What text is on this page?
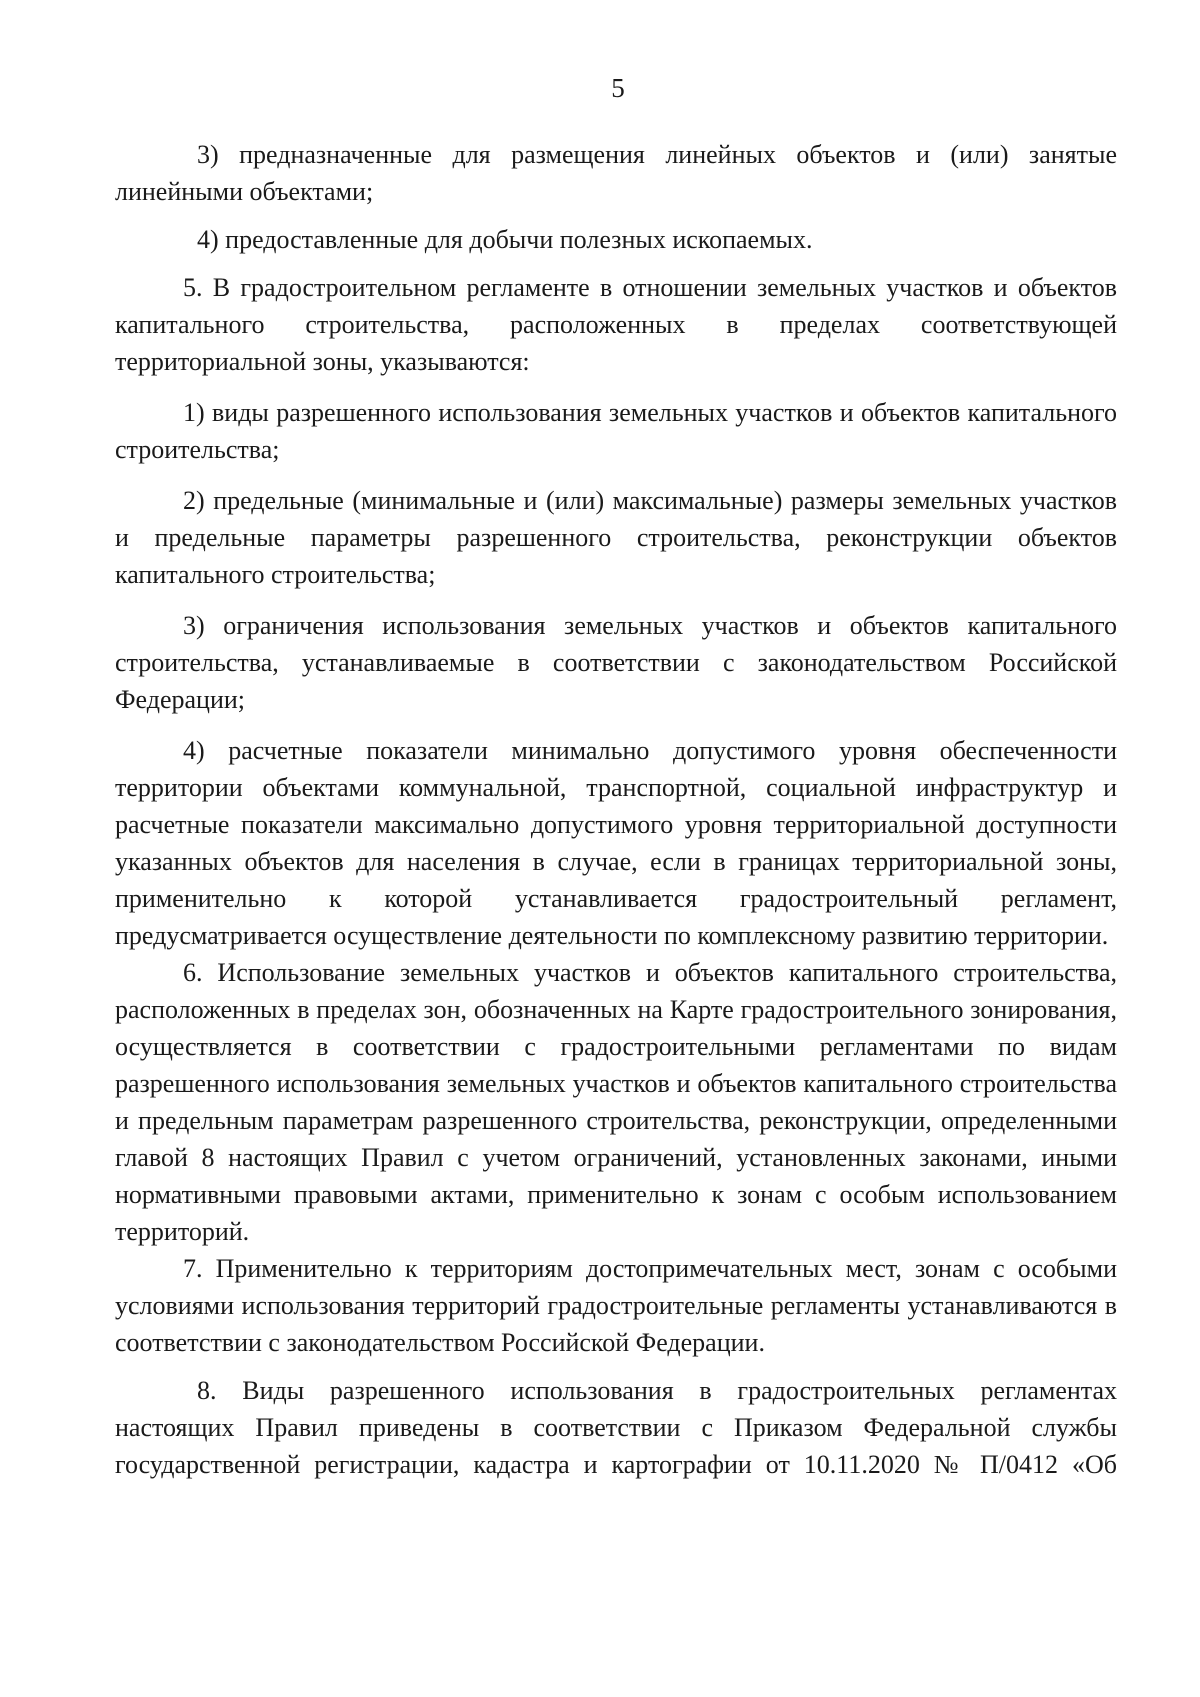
5

3) предназначенные для размещения линейных объектов и (или) занятые линейными объектами;

4) предоставленные для добычи полезных ископаемых.

5. В градостроительном регламенте в отношении земельных участков и объектов капитального строительства, расположенных в пределах соответствующей территориальной зоны, указываются:

1) виды разрешенного использования земельных участков и объектов капитального строительства;

2) предельные (минимальные и (или) максимальные) размеры земельных участков и предельные параметры разрешенного строительства, реконструкции объектов капитального строительства;

3) ограничения использования земельных участков и объектов капитального строительства, устанавливаемые в соответствии с законодательством Российской Федерации;

4) расчетные показатели минимально допустимого уровня обеспеченности территории объектами коммунальной, транспортной, социальной инфраструктур и расчетные показатели максимально допустимого уровня территориальной доступности указанных объектов для населения в случае, если в границах территориальной зоны, применительно к которой устанавливается градостроительный регламент, предусматривается осуществление деятельности по комплексному развитию территории.

6. Использование земельных участков и объектов капитального строительства, расположенных в пределах зон, обозначенных на Карте градостроительного зонирования, осуществляется в соответствии с градостроительными регламентами по видам разрешенного использования земельных участков и объектов капитального строительства и предельным параметрам разрешенного строительства, реконструкции, определенными главой 8 настоящих Правил с учетом ограничений, установленных законами, иными нормативными правовыми актами, применительно к зонам с особым использованием территорий.

7. Применительно к территориям достопримечательных мест, зонам с особыми условиями использования территорий градостроительные регламенты устанавливаются в соответствии с законодательством Российской Федерации.

8. Виды разрешенного использования в градостроительных регламентах настоящих Правил приведены в соответствии с Приказом Федеральной службы государственной регистрации, кадастра и картографии от 10.11.2020 № П/0412 «Об
